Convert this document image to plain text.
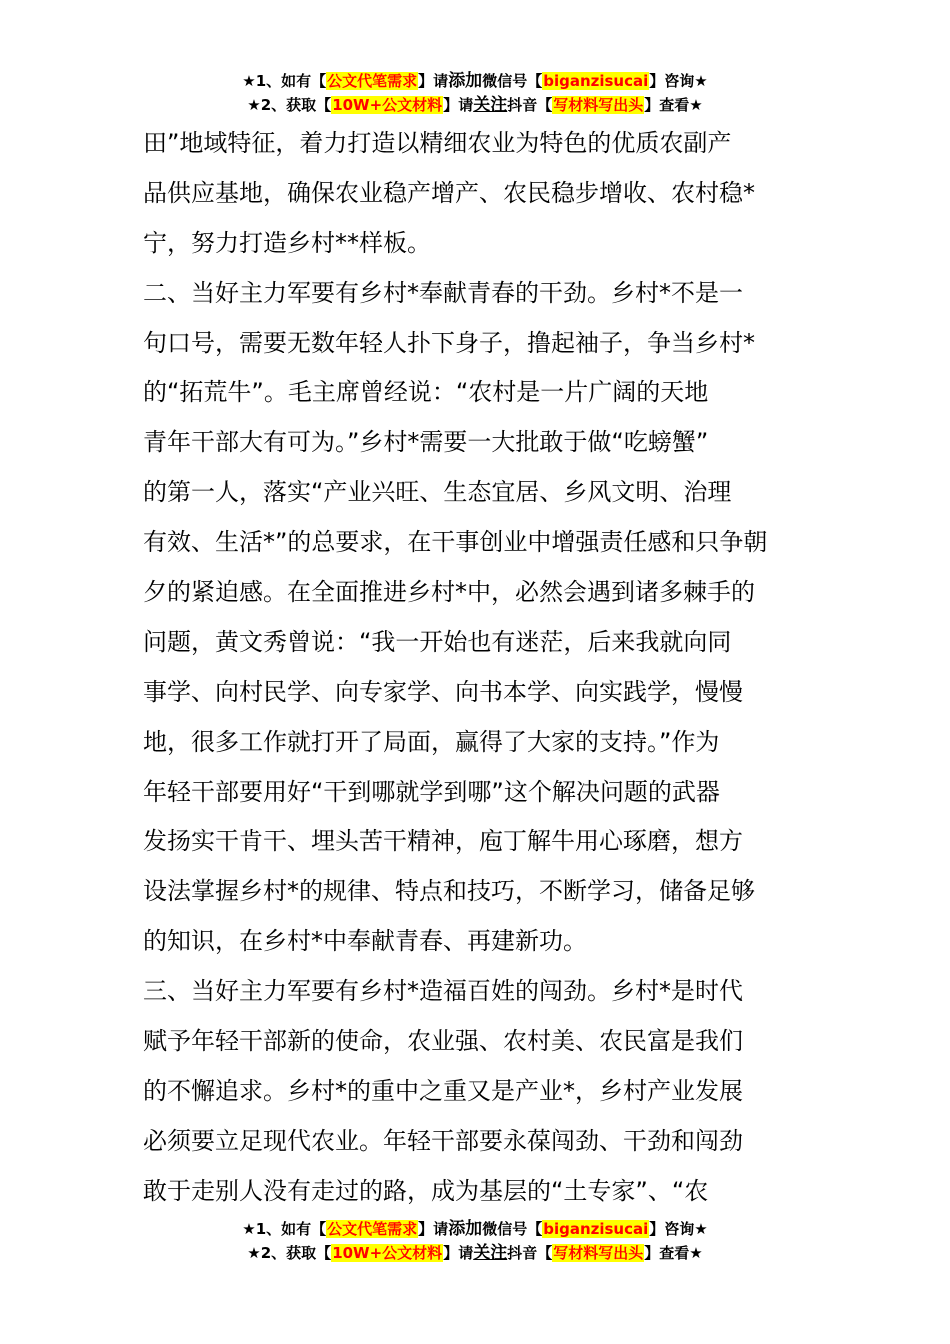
★1、如有【公文代笔需求】请添加微信号【biganzisucai】咨询★
★2、获取【10W+公文材料】请关注抖音【写材料写出头】查看★
田”地域特征，着力打造以精细农业为特色的优质农副产
品供应基地，确保农业稳产增产、农民稳步增收、农村稳*
宁，努力打造乡村**样板。
二、当好主力军要有乡村*奉献青春的干劲。乡村*不是一
句口号，需要无数年轻人扑下身子，撸起袖子，争当乡村*
的“拓荒牛”。毛主席曾经说：“农村是一片广阔的天地
青年干部大有可为。”乡村*需要一大批敢于做“吃螃蟹”
的第一人，落实“产业兴旺、生态宜居、乡风文明、治理
有效、生活*”的总要求，在干事创业中增强责任感和只争朝
夕的紧迫感。在全面推进乡村*中，必然会遇到诸多棘手的
问题，黄文秀曾说：“我一开始也有迷茫，后来我就向同
事学、向村民学、向专家学、向书本学、向实践学，慢慢
地，很多工作就打开了局面，赢得了大家的支持。”作为
年轻干部要用好“干到哪就学到哪”这个解决问题的武器
发扬实干肯干、埋头苦干精神，庖丁解牛用心琢磨，想方
设法掌握乡村*的规律、特点和技巧，不断学习，储备足够
的知识，在乡村*中奉献青春、再建新功。
三、当好主力军要有乡村*造福百姓的闯劲。乡村*是时代
赋予年轻干部新的使命，农业强、农村美、农民富是我们
的不懈追求。乡村*的重中之重又是产业*，乡村产业发展
必须要立足现代农业。年轻干部要永葆闯劲、干劲和闯劲
敢于走别人没有走过的路，成为基层的“土专家”、“农
★1、如有【公文代笔需求】请添加微信号【biganzisucai】咨询★
★2、获取【10W+公文材料】请关注抖音【写材料写出头】查看★
